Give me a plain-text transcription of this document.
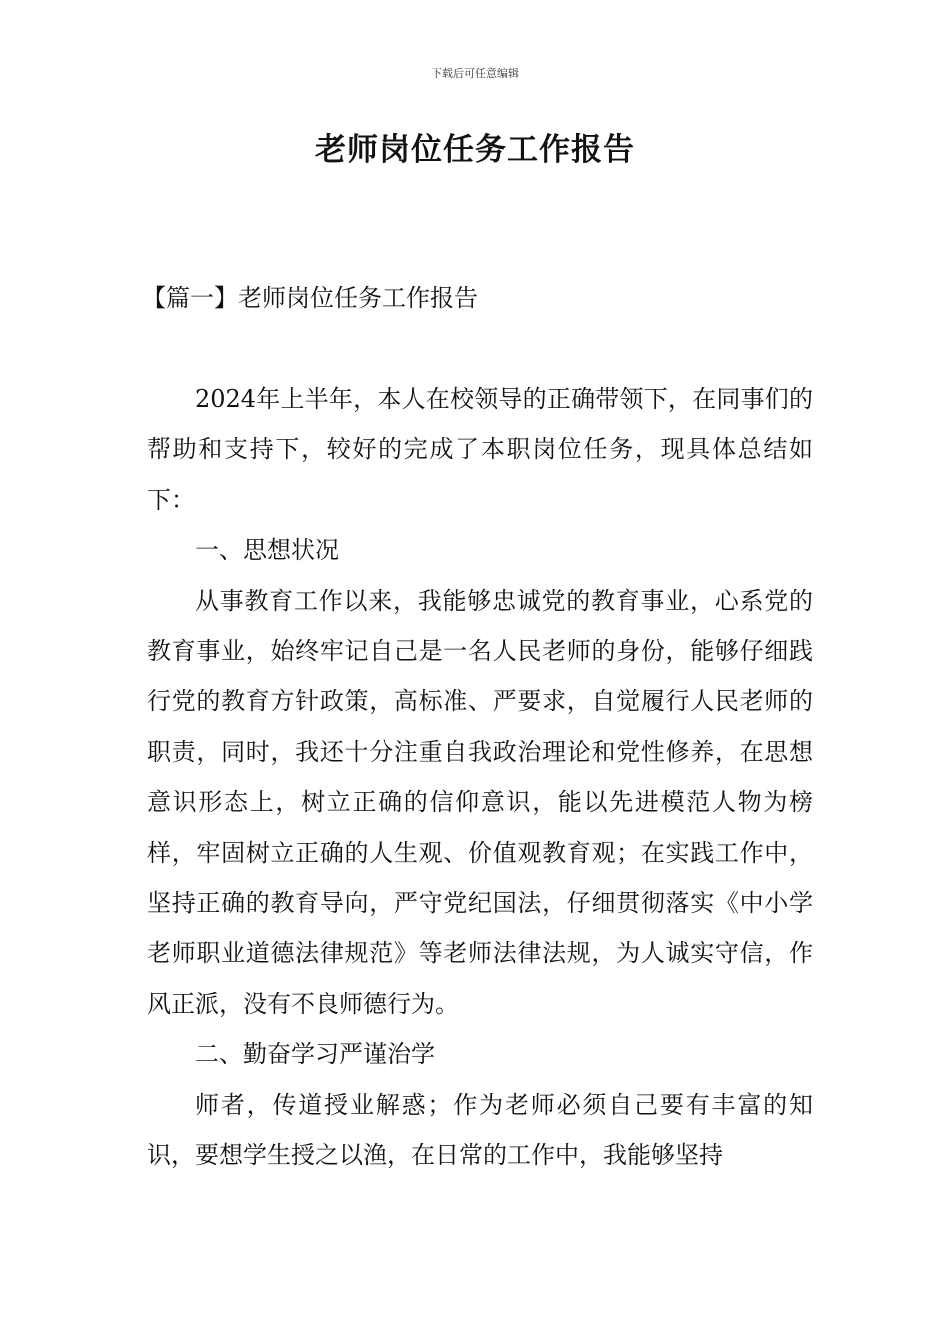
下载后可任意编辑
老师岗位任务工作报告
【篇一】老师岗位任务工作报告

2024年上半年，本人在校领导的正确带领下，在同事们的帮助和支持下，较好的完成了本职岗位任务，现具体总结如下：

一、思想状况

从事教育工作以来，我能够忠诚党的教育事业，心系党的教育事业，始终牢记自己是一名人民老师的身份，能够仔细践行党的教育方针政策，高标准、严要求，自觉履行人民老师的职责，同时，我还十分注重自我政治理论和党性修养，在思想意识形态上，树立正确的信仰意识，能以先进模范人物为榜样，牢固树立正确的人生观、价值观教育观；在实践工作中，坚持正确的教育导向，严守党纪国法，仔细贯彻落实《中小学老师职业道德法律规范》等老师法律法规，为人诚实守信，作风正派，没有不良师德行为。

二、勤奋学习严谨治学

师者，传道授业解惑；作为老师必须自己要有丰富的知识，要想学生授之以渔，在日常的工作中，我能够坚持
